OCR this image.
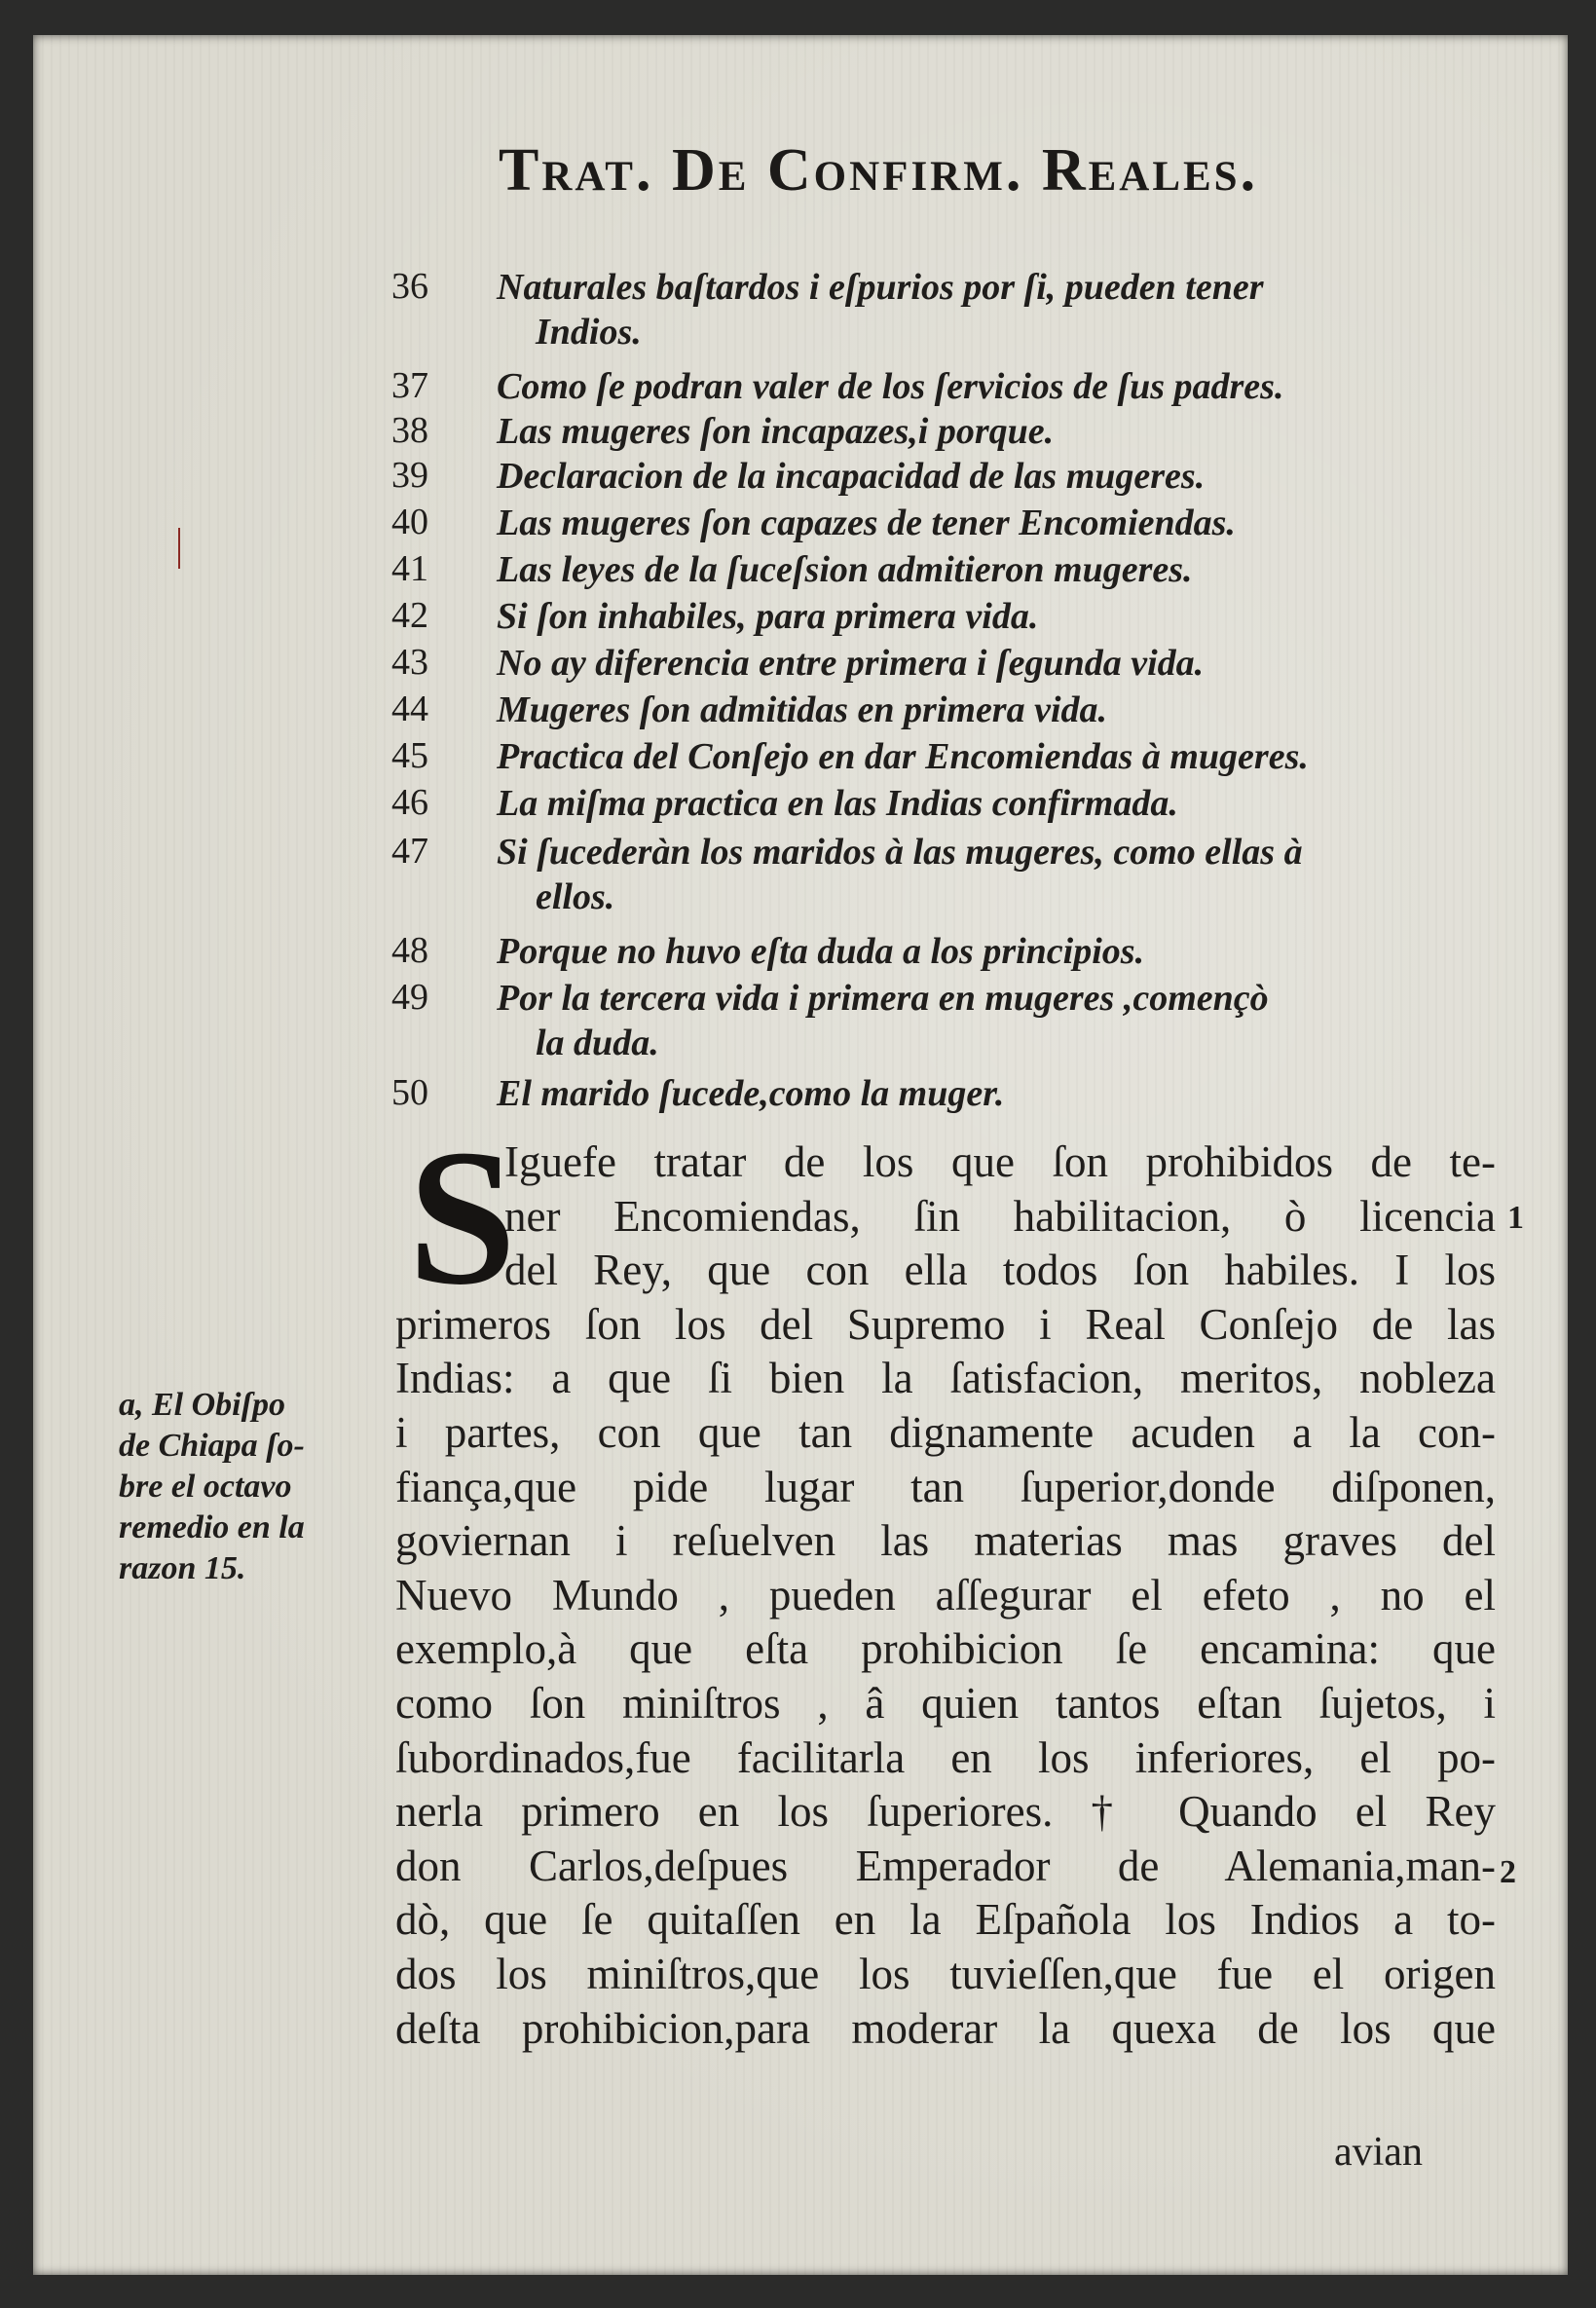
Trat. De Confirm. Reales.
36	Naturales baſtardos i eſpurios por ſi, pueden tener
Indios.
37	Como ſe podran valer de los ſervicios de ſus padres.
38	Las mugeres ſon incapazes,i porque.
39	Declaracion de la incapacidad de las mugeres.
40	Las mugeres ſon capazes de tener Encomiendas.
41	Las leyes de la ſuceſsion admitieron mugeres.
42	Si ſon inhabiles, para primera vida.
43	No ay diferencia entre primera i ſegunda vida.
44	Mugeres ſon admitidas en primera vida.
45	Practica del Conſejo en dar Encomiendas à mugeres.
46	La miſma practica en las Indias confirmada.
47	Si ſucederàn los maridos à las mugeres, como ellas à
ellos.
48	Porque no huvo eſta duda a los principios.
49	Por la tercera vida i primera en mugeres ,començò
la duda.
50	El marido ſucede,como la muger.
S
Iguefe tratar de los que ſon prohibidos de te-
ner Encomiendas, ſin habilitacion, ò licencia
del Rey, que con ella todos ſon habiles. I los
primeros ſon los del Supremo i Real Conſejo de las
Indias: a que ſi bien la ſatisfacion, meritos, nobleza
i partes, con que tan dignamente acuden a la con-
fiança,que pide lugar tan ſuperior,donde diſponen,
goviernan i reſuelven las materias mas graves del
Nuevo Mundo , pueden aſſegurar el efeto , no el
exemplo,à que eſta prohibicion ſe encamina: que
como ſon miniſtros , â quien tantos eſtan ſujetos, i
ſubordinados,fue facilitarla en los inferiores, el po-
nerla primero en los ſuperiores. † Quando el Rey
don Carlos,deſpues Emperador de Alemania,man-
dò, que ſe quitaſſen en la Eſpañola los Indios a to-
dos los miniſtros,que los tuvieſſen,que fue el origen
deſta prohibicion,para moderar la quexa de los que
a, El Obiſpo
de Chiapa ſo-
bre el octavo
remedio en la
razon 15.
1
2
avian
